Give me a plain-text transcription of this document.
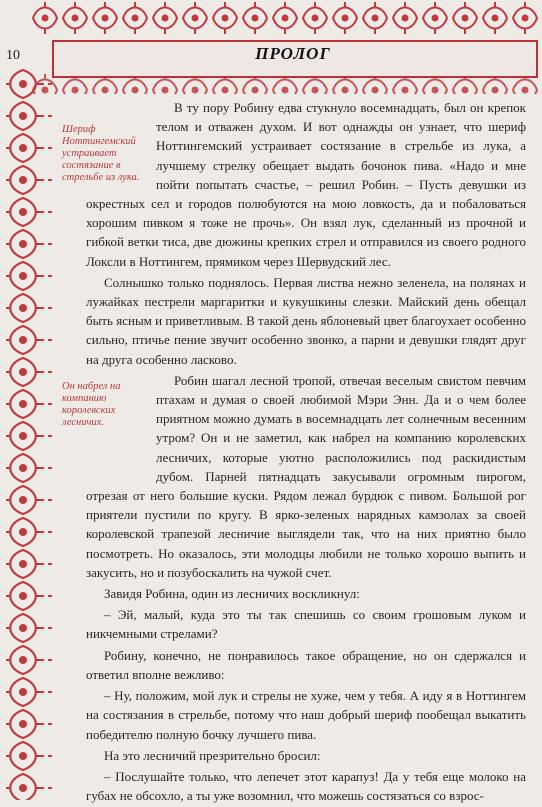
10	ПРОЛОГ
Шериф Ноттингемский устраивает состязание в стрельбе из лука.
Он набрел на компанию королевских лесничих.

В ту пору Робину едва стукнуло восемнадцать, был он крепок телом и отважен духом. И вот однажды он узнает, что шериф Ноттингемский устраивает состязание в стрельбе из лука, а лучшему стрелку обещает выдать бочонок пива. «Надо и мне пойти попытать счастье, – решил Робин. – Пусть девушки из окрестных сел и городов полюбуются на мою ловкость, да и побаловаться хорошим пивком я тоже не прочь». Он взял лук, сделанный из прочной и гибкой ветки тиса, две дюжины крепких стрел и отправился из своего родного Локсли в Ноттингем, прямиком через Шервудский лес.

Солнышко только поднялось. Первая листва нежно зеленела, на полянах и лужайках пестрели маргаритки и кукушкины слезки. Майский день обещал быть ясным и приветливым. В такой день яблоневый цвет благоухает особенно сильно, птичье пение звучит особенно звонко, а парни и девушки глядят друг на друга особенно ласково.

Робин шагал лесной тропой, отвечая веселым свистом певчим птахам и думая о своей любимой Мэри Энн. Да и о чем более приятном можно думать в восемнадцать лет солнечным весенним утром? Он и не заметил, как набрел на компанию королевских лесничих, которые уютно расположились под раскидистым дубом. Парней пятнадцать закусывали огромным пирогом, отрезая от него большие куски. Рядом лежал бурдюк с пивом. Большой рог приятели пустили по кругу. В ярко-зеленых нарядных камзолах за своей королевской трапезой лесничие выглядели так, что на них приятно было посмотреть. Но оказалось, эти молодцы любили не только хорошо выпить и закусить, но и позубоскалить на чужой счет.

Завидя Робина, один из лесничих воскликнул:

– Эй, малый, куда это ты так спешишь со своим грошовым луком и никчемными стрелами?

Робину, конечно, не понравилось такое обращение, но он сдержался и ответил вполне вежливо:

– Ну, положим, мой лук и стрелы не хуже, чем у тебя. А иду я в Ноттингем на состязания в стрельбе, потому что наш добрый шериф пообещал выкатить победителю полную бочку лучшего пива.

На это лесничий презрительно бросил:

– Послушайте только, что лепечет этот карапуз! Да у тебя еще молоко на губах не обсохло, а ты уже возомнил, что можешь состязаться со взрос-
